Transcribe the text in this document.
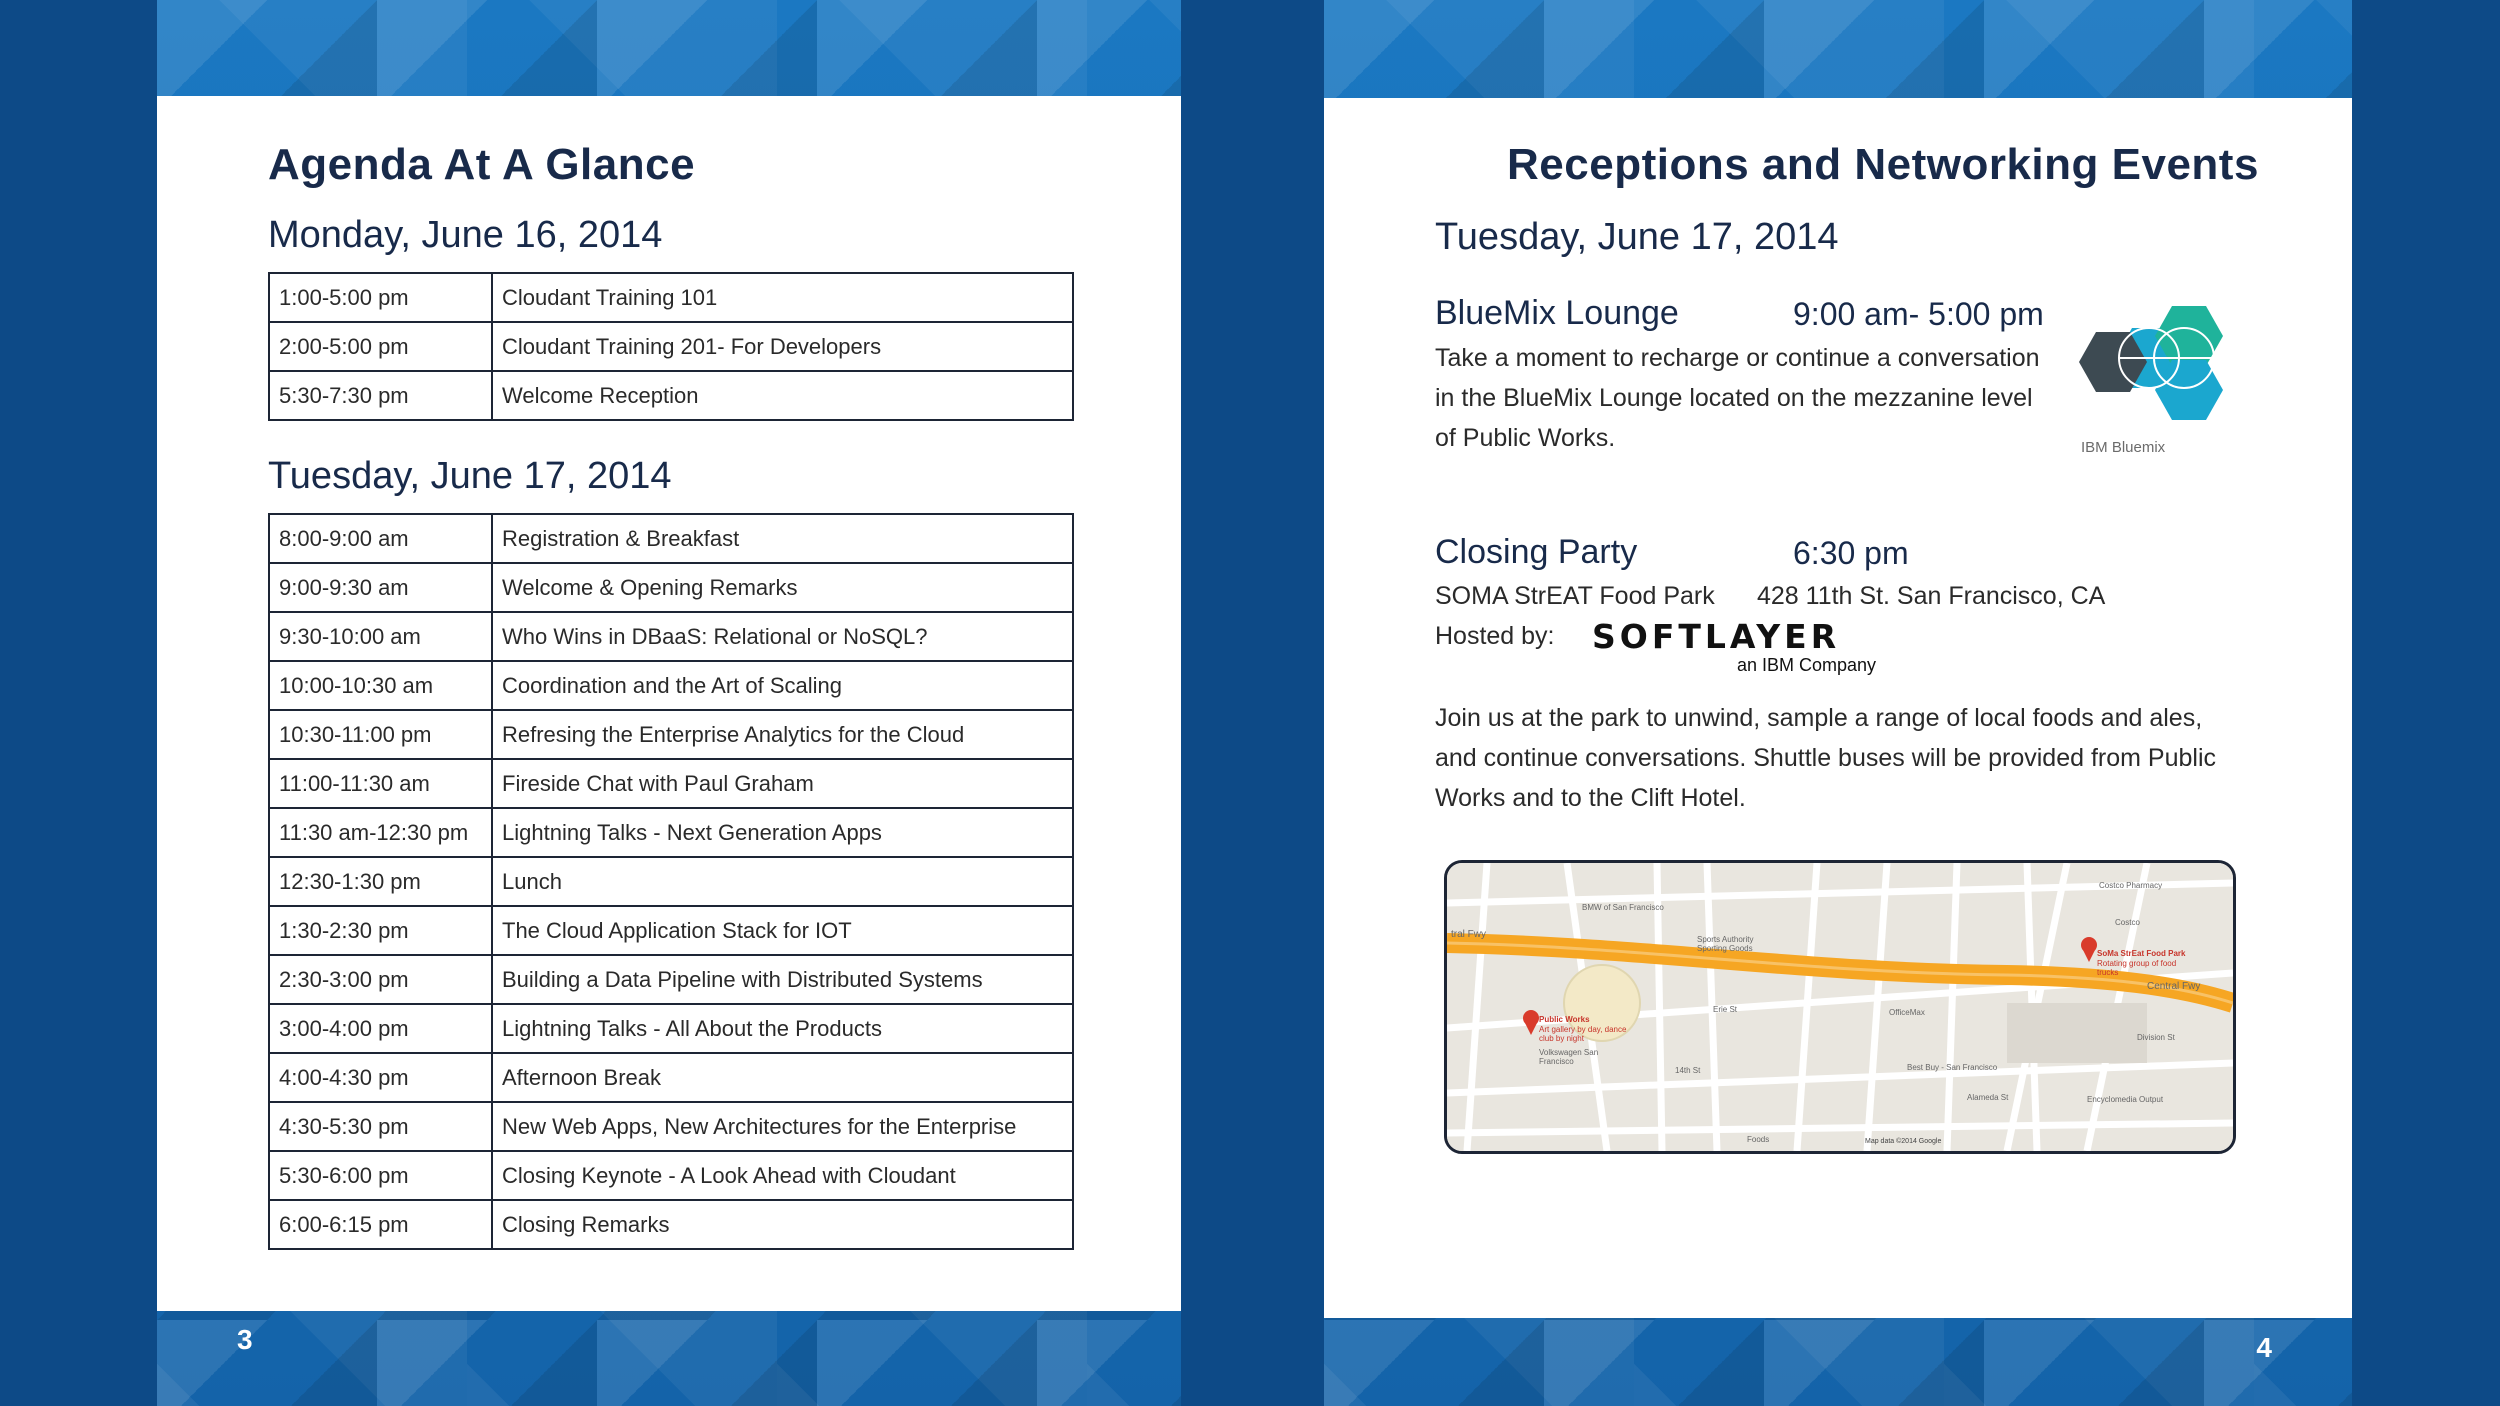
Agenda At A Glance
Monday, June 16, 2014
1:00-5:00 pm	Cloudant Training 101
2:00-5:00 pm	Cloudant Training 201- For Developers
5:30-7:30 pm	Welcome Reception
Tuesday, June 17, 2014
8:00-9:00 am	Registration & Breakfast
9:00-9:30 am	Welcome & Opening Remarks
9:30-10:00 am	Who Wins in DBaaS: Relational or NoSQL?
10:00-10:30 am	Coordination and the Art of Scaling
10:30-11:00 pm	Refresing the Enterprise Analytics for the Cloud
11:00-11:30 am	Fireside Chat with Paul Graham
11:30 am-12:30 pm	Lightning Talks - Next Generation Apps
12:30-1:30 pm	Lunch
1:30-2:30 pm	The Cloud Application Stack for IOT
2:30-3:00 pm	Building a Data Pipeline with Distributed Systems
3:00-4:00 pm	Lightning Talks - All About the Products
4:00-4:30 pm	Afternoon Break
4:30-5:30 pm	New Web Apps, New Architectures for the Enterprise
5:30-6:00 pm	Closing Keynote - A Look Ahead with Cloudant
6:00-6:15 pm	Closing Remarks
3
Receptions and Networking Events
Tuesday, June 17, 2014
BlueMix Lounge	9:00 am- 5:00 pm
Take a moment to recharge or continue a conversation in the BlueMix Lounge located on the mezzanine level of Public Works.	IBM Bluemix
Closing Party	6:30 pm
SOMA StrEAT Food Park 428 11th St. San Francisco, CA
Hosted by: SOFTLAYER
an IBM Company
Join us at the park to unwind, sample a range of local foods and ales, and continue conversations. Shuttle buses will be provided from Public Works and to the Clift Hotel.
tral Fwy
Central Fwy
Public Works
Art gallery by day, dance club by night
SoMa StrEat Food Park
Rotating group of food trucks
Sports Authority Sporting Goods
OfficeMax
Costco
Best Buy - San Francisco
Volkswagen San Francisco
14th St
Erie St
Alameda St
Division St
Encyclomedia Output
Costco Pharmacy
BMW of San Francisco
Foods	Map data ©2014 Google
4
